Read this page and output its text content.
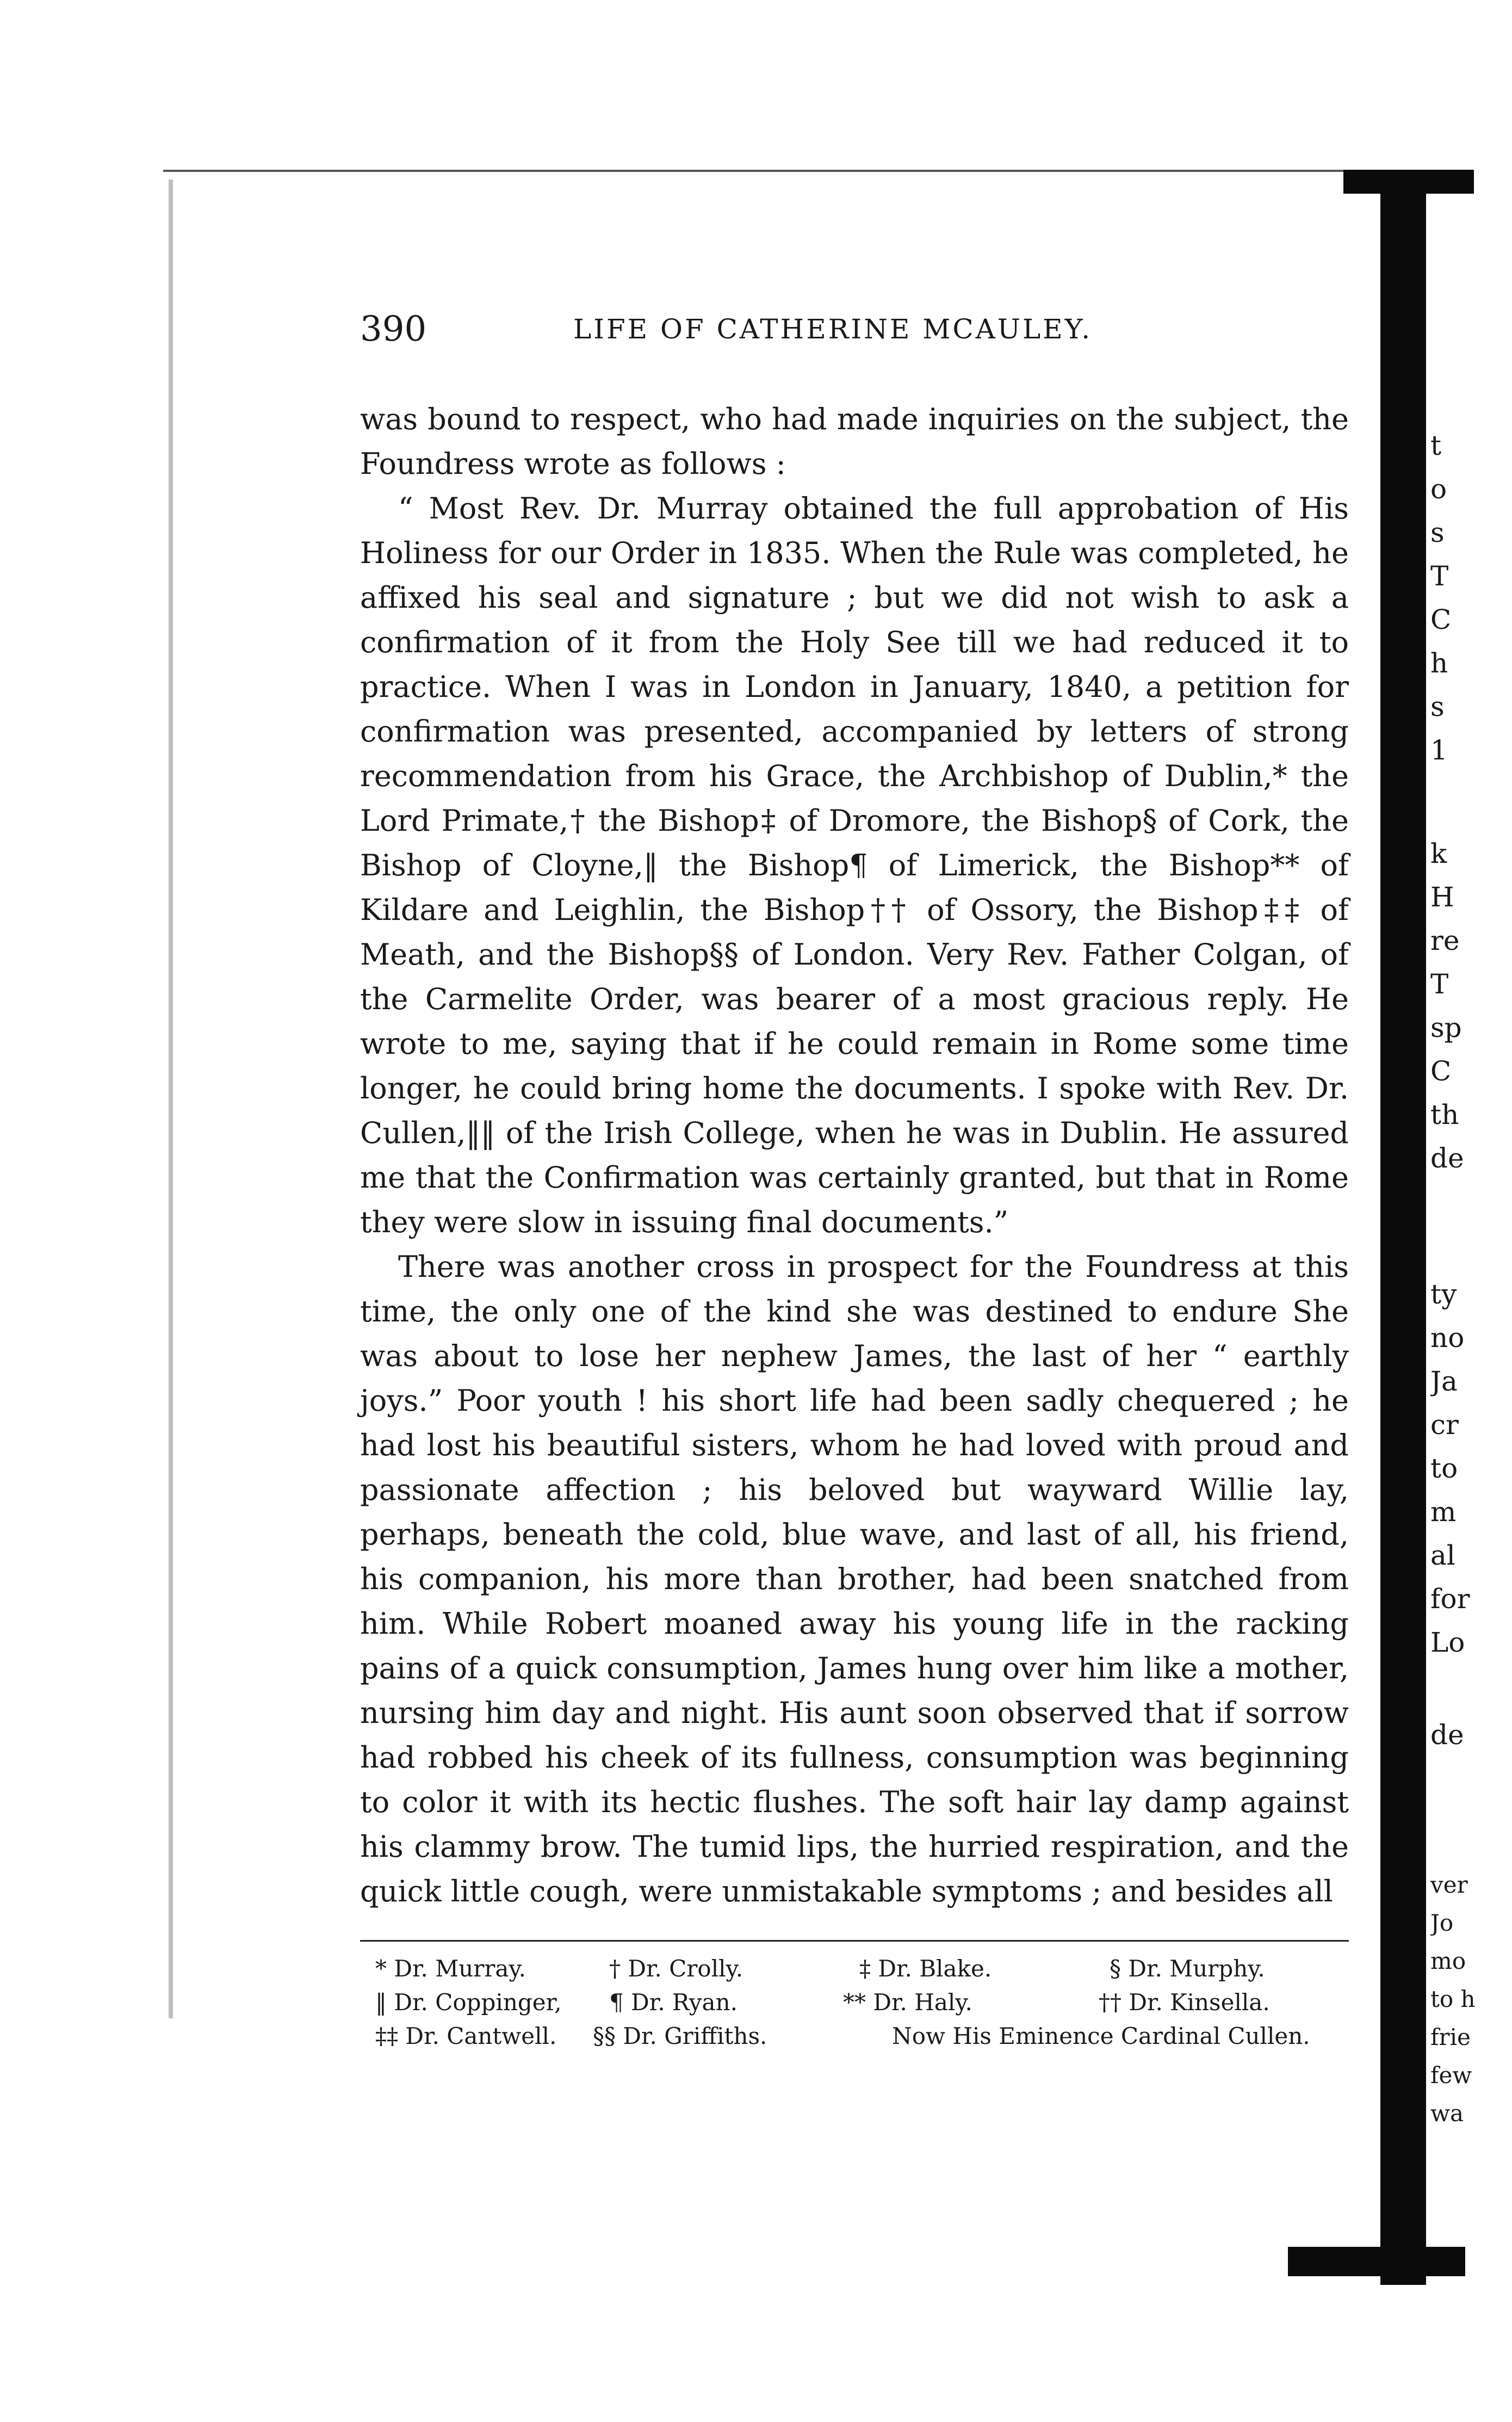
390	LIFE OF CATHERINE MCAULEY.

was bound to respect, who had made inquiries on the subject, the Foundress wrote as follows :

“ Most Rev. Dr. Murray obtained the full approbation of His Holiness for our Order in 1835. When the Rule was completed, he affixed his seal and signature ; but we did not wish to ask a confirmation of it from the Holy See till we had reduced it to practice. When I was in London in January, 1840, a petition for confirmation was presented, accompanied by letters of strong recommendation from his Grace, the Archbishop of Dublin,* the Lord Primate,† the Bishop‡ of Dromore, the Bishop§ of Cork, the Bishop of Cloyne,‖ the Bishop¶ of Limerick, the Bishop** of Kildare and Leighlin, the Bishop†† of Ossory, the Bishop‡‡ of Meath, and the Bishop§§ of London. Very Rev. Father Colgan, of the Carmelite Order, was bearer of a most gracious reply. He wrote to me, saying that if he could remain in Rome some time longer, he could bring home the documents. I spoke with Rev. Dr. Cullen,‖‖ of the Irish College, when he was in Dublin. He assured me that the Confirmation was certainly granted, but that in Rome they were slow in issuing final documents.”

There was another cross in prospect for the Foundress at this time, the only one of the kind she was destined to endure She was about to lose her nephew James, the last of her “ earthly joys.” Poor youth ! his short life had been sadly chequered ; he had lost his beautiful sisters, whom he had loved with proud and passionate affection ; his beloved but wayward Willie lay, perhaps, beneath the cold, blue wave, and last of all, his friend, his companion, his more than brother, had been snatched from him. While Robert moaned away his young life in the racking pains of a quick consumption, James hung over him like a mother, nursing him day and night. His aunt soon observed that if sorrow had robbed his cheek of its fullness, consumption was beginning to color it with its hectic flushes. The soft hair lay damp against his clammy brow. The tumid lips, the hurried respiration, and the quick little cough, were unmistakable symptoms ; and besides all

* Dr. Murray.	† Dr. Crolly.	‡ Dr. Blake.	§ Dr. Murphy.
‖ Dr. Coppinger, ¶ Dr. Ryan.	** Dr. Haly.	†† Dr. Kinsella.
‡‡ Dr. Cantwell. §§ Dr. Griffiths.	Now His Eminence Cardinal Cullen.
t
o
s
T
C
h
s
1
k
H
re
T
sp
C
th
de
ty
no
Ja
cr
to
m
al
for
Lo
de
ver
Jo
mo
to h
frie
few
wa
